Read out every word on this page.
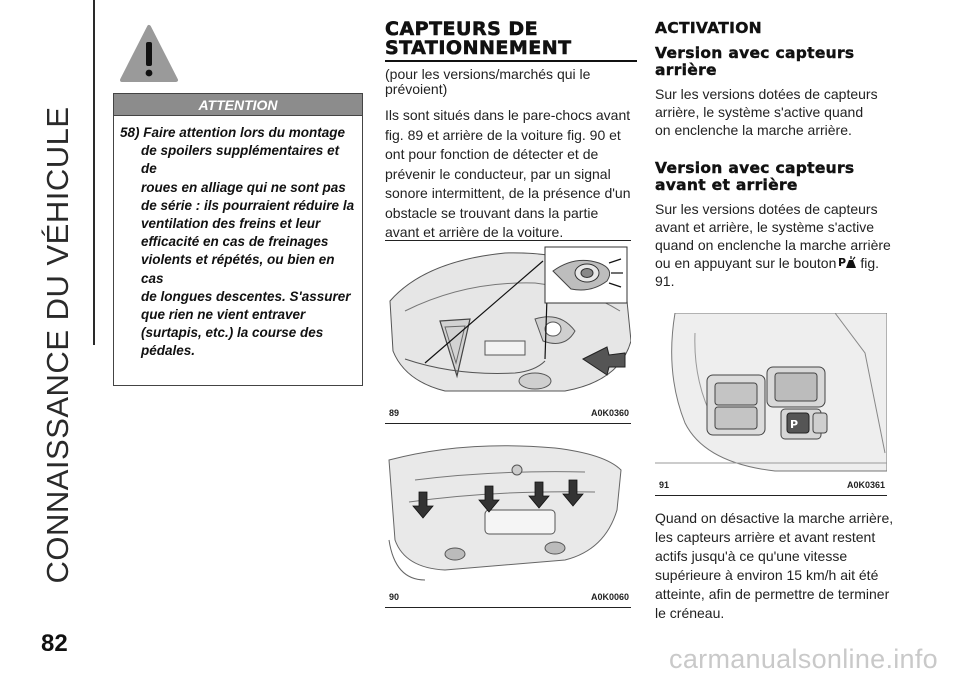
CONNAISSANCE DU VÉHICULE
82
ATTENTION
58) Faire attention lors du montage
de spoilers supplémentaires et de
roues en alliage qui ne sont pas
de série : ils pourraient réduire la
ventilation des freins et leur
efficacité en cas de freinages
violents et répétés, ou bien en cas
de longues descentes. S'assurer
que rien ne vient entraver
(surtapis, etc.) la course des
pédales.
CAPTEURS DE
STATIONNEMENT
(pour les versions/marchés qui le
prévoient)
Ils sont situés dans le pare-chocs avant
fig. 89 et arrière de la voiture fig. 90 et
ont pour fonction de détecter et de
prévenir le conducteur, par un signal
sonore intermittent, de la présence d'un
obstacle se trouvant dans la partie
avant et arrière de la voiture.
89	A0K0360
90	A0K0060
ACTIVATION
Version avec capteurs
arrière
Sur les versions dotées de capteurs
arrière, le système s'active quand
on enclenche la marche arrière.
Version avec capteurs
avant et arrière
Sur les versions dotées de capteurs
avant et arrière, le système s'active
quand on enclenche la marche arrière
ou en appuyant sur le bouton P fig.
91.
P
91	A0K0361
Quand on désactive la marche arrière,
les capteurs arrière et avant restent
actifs jusqu'à ce qu'une vitesse
supérieure à environ 15 km/h ait été
atteinte, afin de permettre de terminer
le créneau.
carmanualsonline.info
